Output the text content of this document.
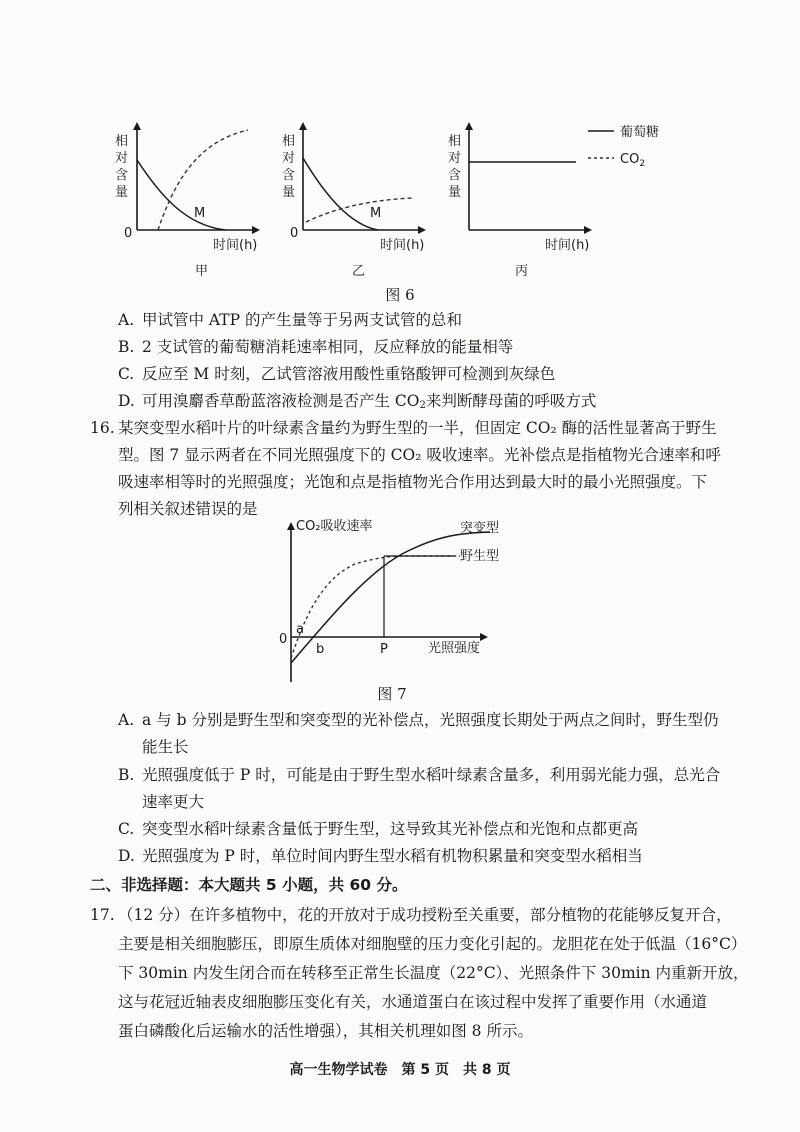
相
对
含
量
0
M
时间(h)
甲
相
对
含
量
0
M
时间(h)
乙
相
对
含
量
时间(h)
丙
葡萄糖
$CO_2$
图 6
A. 甲试管中 ATP 的产生量等于另两支试管的总和
B. 2 支试管的葡萄糖消耗速率相同，反应释放的能量相等
C. 反应至 M 时刻，乙试管溶液用酸性重铬酸钾可检测到灰绿色
D. 可用溴麝香草酚蓝溶液检测是否产生 $CO_2$来判断酵母菌的呼吸方式
16. 某突变型水稻叶片的叶绿素含量约为野生型的一半，但固定 CO₂ 酶的活性显著高于野生
型。图 7 显示两者在不同光照强度下的 CO₂ 吸收速率。光补偿点是指植物光合速率和呼
吸速率相等时的光照强度；光饱和点是指植物光合作用达到最大时的最小光照强度。下
列相关叙述错误的是
CO₂吸收速率	突变型
野生型
0
a
b	P	光照强度
图 7
A. a 与 b 分别是野生型和突变型的光补偿点，光照强度长期处于两点之间时，野生型仍
能生长
B. 光照强度低于 P 时，可能是由于野生型水稻叶绿素含量多，利用弱光能力强，总光合
速率更大
C. 突变型水稻叶绿素含量低于野生型，这导致其光补偿点和光饱和点都更高
D. 光照强度为 P 时，单位时间内野生型水稻有机物积累量和突变型水稻相当
二、非选择题：本大题共 5 小题，共 60 分。
17. （12 分）在许多植物中，花的开放对于成功授粉至关重要，部分植物的花能够反复开合，
主要是相关细胞膨压，即原生质体对细胞壁的压力变化引起的。龙胆花在处于低温（16°C）
下 30min 内发生闭合而在转移至正常生长温度（22°C）、光照条件下 30min 内重新开放，
这与花冠近轴表皮细胞膨压变化有关，水通道蛋白在该过程中发挥了重要作用（水通道
蛋白磷酸化后运输水的活性增强），其相关机理如图 8 所示。
高一生物学试卷　第 5 页　共 8 页
